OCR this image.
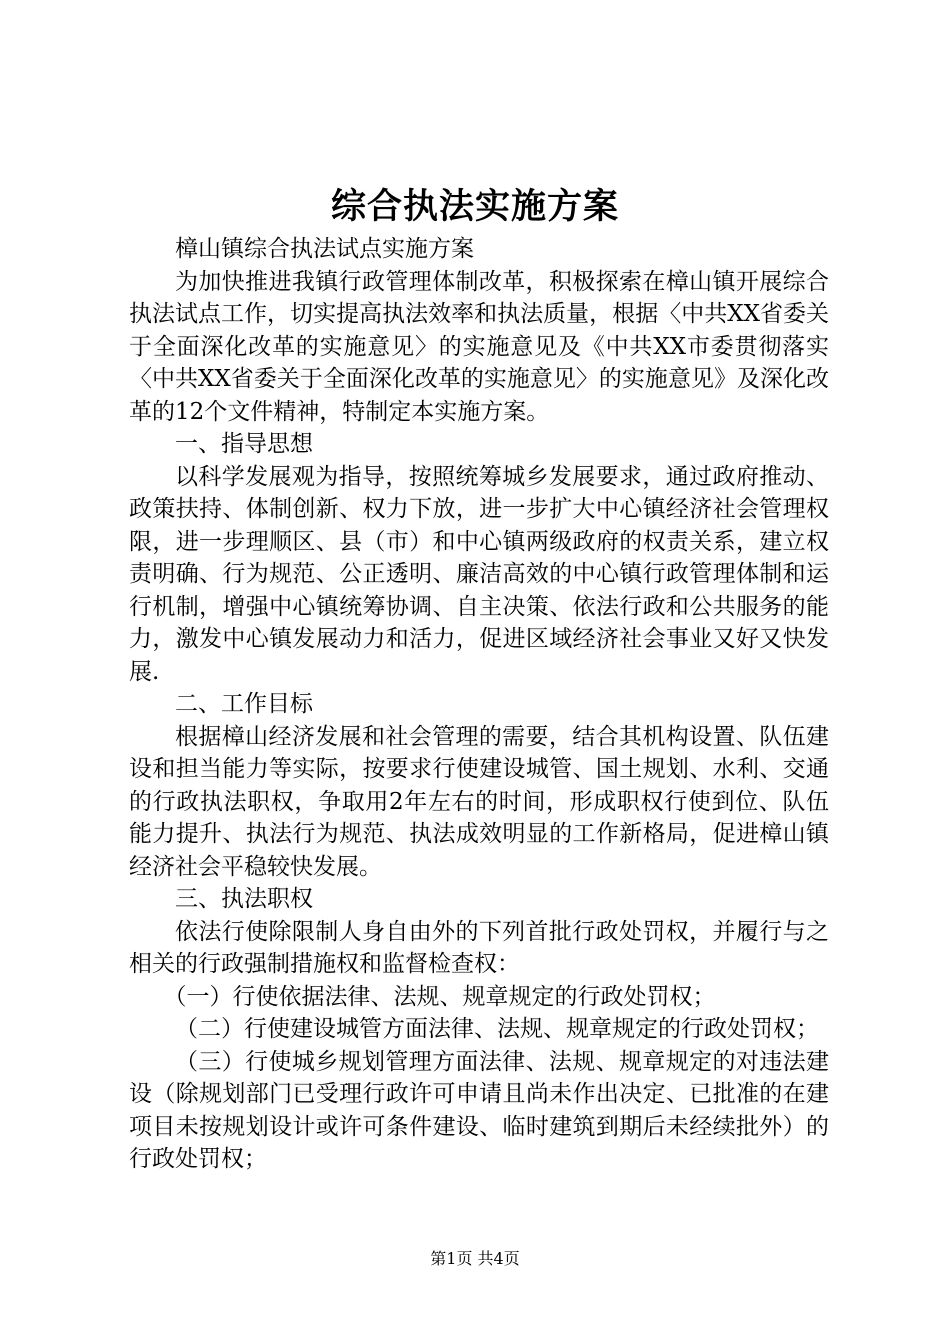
综合执法实施方案

樟山镇综合执法试点实施方案

为加快推进我镇行政管理体制改革，积极探索在樟山镇开展综合执法试点工作，切实提高执法效率和执法质量，根据〈中共XX省委关于全面深化改革的实施意见〉的实施意见及《中共XX市委贯彻落实〈中共XX省委关于全面深化改革的实施意见〉的实施意见》及深化改革的12个文件精神，特制定本实施方案。

一、指导思想

以科学发展观为指导，按照统筹城乡发展要求，通过政府推动、政策扶持、体制创新、权力下放，进一步扩大中心镇经济社会管理权限，进一步理顺区、县（市）和中心镇两级政府的权责关系，建立权责明确、行为规范、公正透明、廉洁高效的中心镇行政管理体制和运行机制，增强中心镇统筹协调、自主决策、依法行政和公共服务的能力，激发中心镇发展动力和活力，促进区域经济社会事业又好又快发展.

二、工作目标

根据樟山经济发展和社会管理的需要，结合其机构设置、队伍建设和担当能力等实际，按要求行使建设城管、国土规划、水利、交通的行政执法职权，争取用2年左右的时间，形成职权行使到位、队伍能力提升、执法行为规范、执法成效明显的工作新格局，促进樟山镇经济社会平稳较快发展。

三、执法职权

依法行使除限制人身自由外的下列首批行政处罚权，并履行与之相关的行政强制措施权和监督检查权：

（一）行使依据法律、法规、规章规定的行政处罚权；

（二）行使建设城管方面法律、法规、规章规定的行政处罚权；

（三）行使城乡规划管理方面法律、法规、规章规定的对违法建设（除规划部门已受理行政许可申请且尚未作出决定、已批准的在建项目未按规划设计或许可条件建设、临时建筑到期后未经续批外）的行政处罚权；

第1页 共4页
